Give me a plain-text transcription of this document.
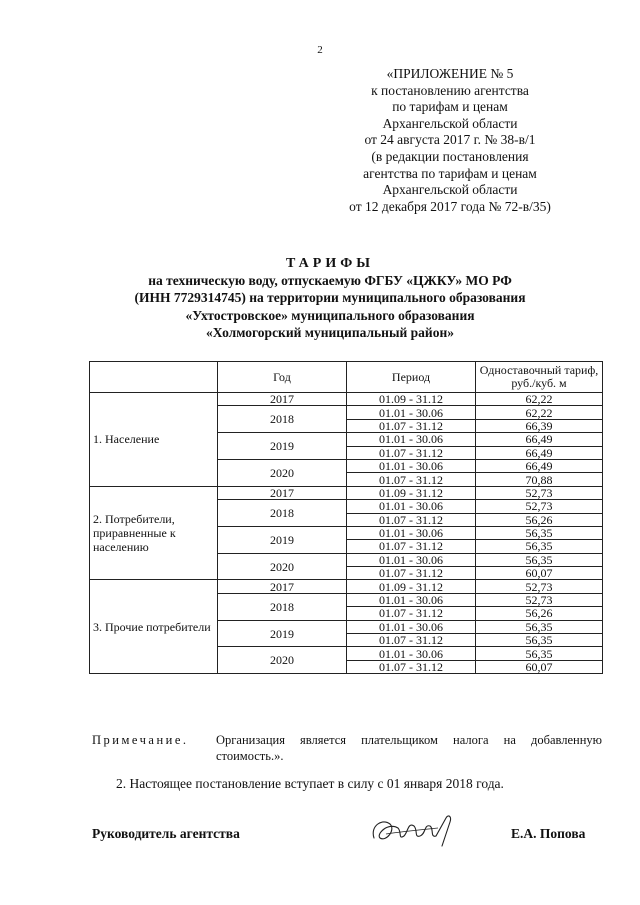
2
«ПРИЛОЖЕНИЕ № 5
к постановлению агентства
по тарифам и ценам
Архангельской области
от 24 августа 2017 г. № 38-в/1
(в редакции постановления
агентства по тарифам и ценам
Архангельской области
от 12 декабря 2017 года № 72-в/35)
ТАРИФЫ
на техническую воду, отпускаемую ФГБУ «ЦЖКУ» МО РФ
(ИНН 7729314745) на территории муниципального образования
«Ухтостровское» муниципального образования
«Холмогорский муниципальный район»
	Год	Период	Одноставочный тариф, руб./куб. м
1. Население	2017	01.09 - 31.12	62,22
	2018	01.01 - 30.06	62,22
		01.07 - 31.12	66,39
	2019	01.01 - 30.06	66,49
		01.07 - 31.12	66,49
	2020	01.01 - 30.06	66,49
		01.07 - 31.12	70,88
2. Потребители, приравненные к населению	2017	01.09 - 31.12	52,73
	2018	01.01 - 30.06	52,73
		01.07 - 31.12	56,26
	2019	01.01 - 30.06	56,35
		01.07 - 31.12	56,35
	2020	01.01 - 30.06	56,35
		01.07 - 31.12	60,07
3. Прочие потребители	2017	01.09 - 31.12	52,73
	2018	01.01 - 30.06	52,73
		01.07 - 31.12	56,26
	2019	01.01 - 30.06	56,35
		01.07 - 31.12	56,35
	2020	01.01 - 30.06	56,35
		01.07 - 31.12	60,07
Примечание. Организация является плательщиком налога на добавленную стоимость.».
2. Настоящее постановление вступает в силу с 01 января 2018 года.
Руководитель агентства	Е.А. Попова
